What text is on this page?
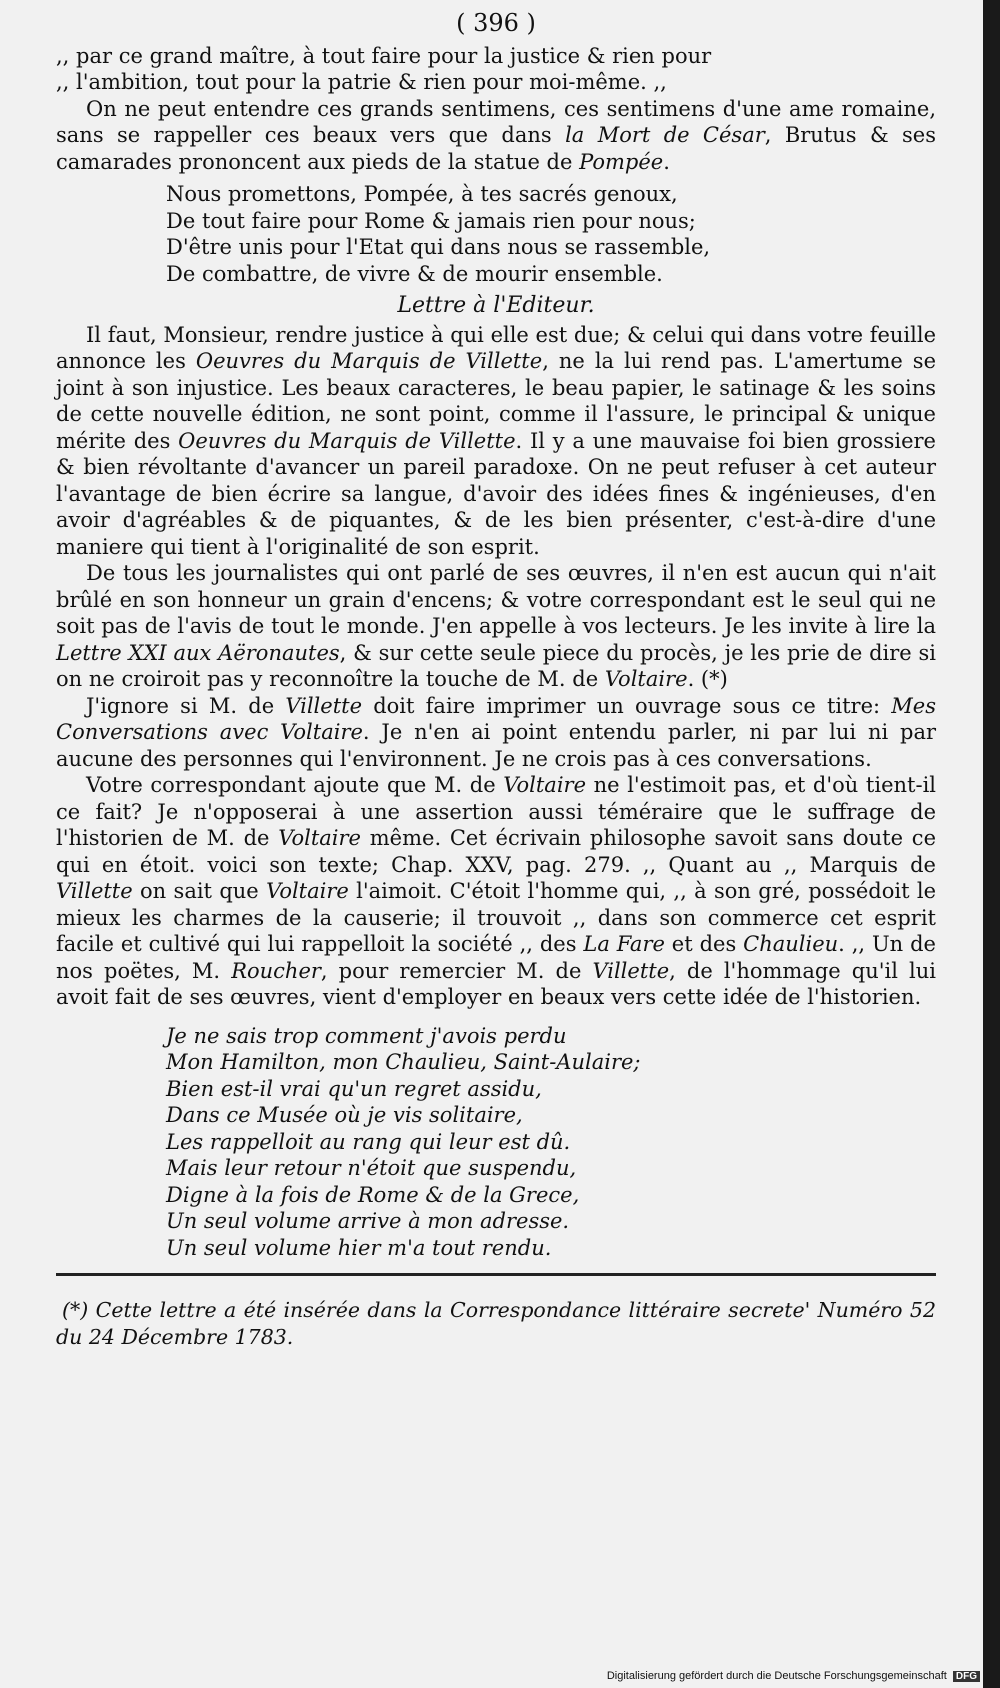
( 396 )
,, par ce grand maître, à tout faire pour la justice & rien pour
,, l'ambition, tout pour la patrie & rien pour moi-même. ,,

On ne peut entendre ces grands sentimens, ces sentimens d'une ame romaine, sans se rappeller ces beaux vers que dans la Mort de César, Brutus & ses camarades prononcent aux pieds de la statue de Pompée.

Nous promettons, Pompée, à tes sacrés genoux,
De tout faire pour Rome & jamais rien pour nous;
D'être unis pour l'Etat qui dans nous se rassemble,
De combattre, de vivre & de mourir ensemble.
Lettre à l'Editeur.

Il faut, Monsieur, rendre justice à qui elle est due; & celui qui dans votre feuille annonce les Oeuvres du Marquis de Villette, ne la lui rend pas. L'amertume se joint à son injustice. Les beaux caracteres, le beau papier, le satinage & les soins de cette nouvelle édition, ne sont point, comme il l'assure, le principal & unique mérite des Oeuvres du Marquis de Villette. Il y a une mauvaise foi bien grossiere & bien révoltante d'avancer un pareil paradoxe. On ne peut refuser à cet auteur l'avantage de bien écrire sa langue, d'avoir des idées fines & ingénieuses, d'en avoir d'agréables & de piquantes, & de les bien présenter, c'est-à-dire d'une maniere qui tient à l'originalité de son esprit.

De tous les journalistes qui ont parlé de ses œuvres, il n'en est aucun qui n'ait brûlé en son honneur un grain d'encens; & votre correspondant est le seul qui ne soit pas de l'avis de tout le monde. J'en appelle à vos lecteurs. Je les invite à lire la Lettre XXI aux Aëronautes, & sur cette seule piece du procès, je les prie de dire si on ne croiroit pas y reconnoître la touche de M. de Voltaire. (*)

J'ignore si M. de Villette doit faire imprimer un ouvrage sous ce titre: Mes Conversations avec Voltaire. Je n'en ai point entendu parler, ni par lui ni par aucune des personnes qui l'environnent. Je ne crois pas à ces conversations.

Votre correspondant ajoute que M. de Voltaire ne l'estimoit pas, et d'où tient-il ce fait? Je n'opposerai à une assertion aussi téméraire que le suffrage de l'historien de M. de Voltaire même. Cet écrivain philosophe savoit sans doute ce qui en étoit. voici son texte; Chap. XXV, pag. 279. ,, Quant au ,, Marquis de Villette on sait que Voltaire l'aimoit. C'étoit l'homme qui, ,, à son gré, possédoit le mieux les charmes de la causerie; il trouvoit ,, dans son commerce cet esprit facile et cultivé qui lui rappelloit la société ,, des La Fare et des Chaulieu. ,, Un de nos poëtes, M. Roucher, pour remercier M. de Villette, de l'hommage qu'il lui avoit fait de ses œuvres, vient d'employer en beaux vers cette idée de l'historien.

Je ne sais trop comment j'avois perdu
Mon Hamilton, mon Chaulieu, Saint-Aulaire;
Bien est-il vrai qu'un regret assidu,
Dans ce Musée où je vis solitaire,
Les rappelloit au rang qui leur est dû.
Mais leur retour n'étoit que suspendu,
Digne à la fois de Rome & de la Grece,
Un seul volume arrive à mon adresse.
Un seul volume hier m'a tout rendu.

(*) Cette lettre a été insérée dans la Correspondance littéraire secrete' Numéro 52 du 24 Décembre 1783.

Digitalisierung gefördert durch die Deutsche Forschungsgemeinschaft DFG
